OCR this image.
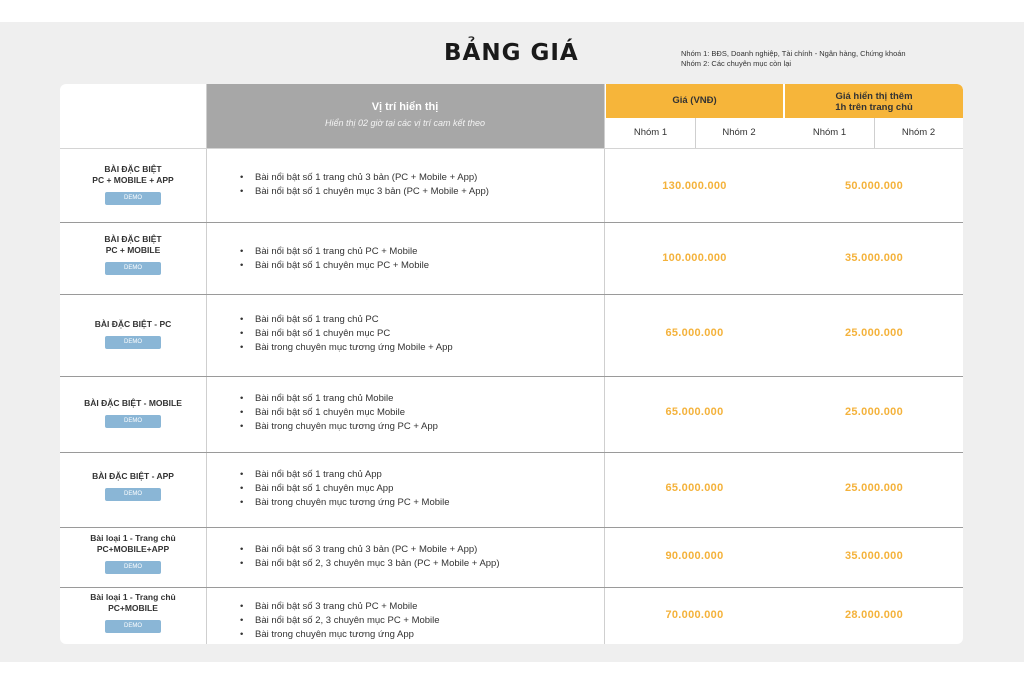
BẢNG GIÁ	Nhóm 1: BĐS, Doanh nghiệp, Tài chính - Ngân hàng, Chứng khoán
Nhóm 2: Các chuyên mục còn lại
Vị trí hiển thị
Hiển thị 02 giờ tại các vị trí cam kết theo
Giá (VNĐ)	Giá hiển thị thêm
1h trên trang chủ
Nhóm 1	Nhóm 2	Nhóm 1	Nhóm 2
BÀI ĐẶC BIỆT
PC + MOBILE + APP
DEMO
• Bài nổi bật số 1 trang chủ 3 bản (PC + Mobile + App)
• Bài nổi bật số 1 chuyên mục 3 bản (PC + Mobile + App)	130.000.000	50.000.000
BÀI ĐẶC BIỆT
PC + MOBILE
DEMO
• Bài nổi bật số 1 trang chủ PC + Mobile
• Bài nổi bật số 1 chuyên mục PC + Mobile
100.000.000	35.000.000
BÀI ĐẶC BIỆT - PC
DEMO
• Bài nổi bật số 1 trang chủ PC
• Bài nổi bật số 1 chuyên mục PC
• Bài trong chuyên mục tương ứng Mobile + App
65.000.000	25.000.000
BÀI ĐẶC BIỆT - MOBILE
DEMO
• Bài nổi bật số 1 trang chủ Mobile
• Bài nổi bật số 1 chuyên mục Mobile
• Bài trong chuyên mục tương ứng PC + App
65.000.000	25.000.000
BÀI ĐẶC BIỆT - APP
DEMO
• Bài nổi bật số 1 trang chủ App
• Bài nổi bật số 1 chuyên mục App
• Bài trong chuyên mục tương ứng PC + Mobile
65.000.000	25.000.000
Bài loại 1 - Trang chủ
PC+MOBILE+APP
DEMO
• Bài nổi bật số 3 trang chủ 3 bản (PC + Mobile + App)
• Bài nổi bật số 2, 3 chuyên mục 3 bản (PC + Mobile + App)
90.000.000	35.000.000
Bài loại 1 - Trang chủ
PC+MOBILE
DEMO
• Bài nổi bật số 3 trang chủ PC + Mobile
• Bài nổi bật số 2, 3 chuyên mục PC + Mobile
• Bài trong chuyên mục tương ứng App
70.000.000	28.000.000
